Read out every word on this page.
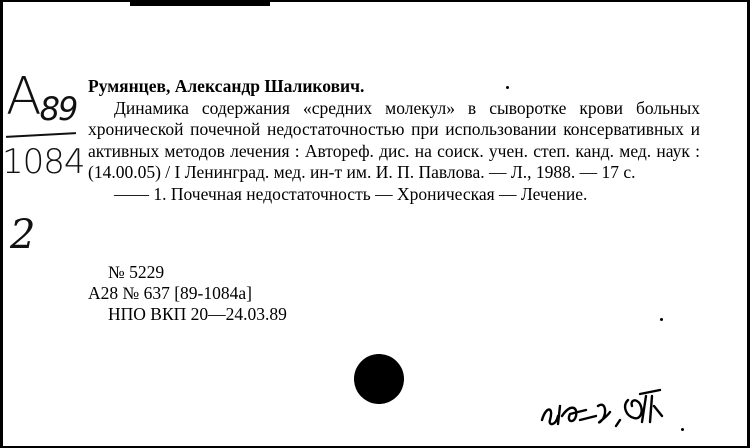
А89
1084
2

Румянцев, Александр Шаликович.

Динамика содержания «средних молекул» в сыворотке крови больных хронической почечной недостаточностью при использовании консервативных и активных методов лечения : Автореф. дис. на соиск. учен. степ. канд. мед. наук : (14.00.05) / I Ленинград. мед. ин-т им. И. П. Павлова. — Л., 1988. — 17 с.

—— 1. Почечная недостаточность — Хроническая — Лечение.

№ 5229
А28 № 637 [89-1084а]
НПО ВКП 20—24.03.89
